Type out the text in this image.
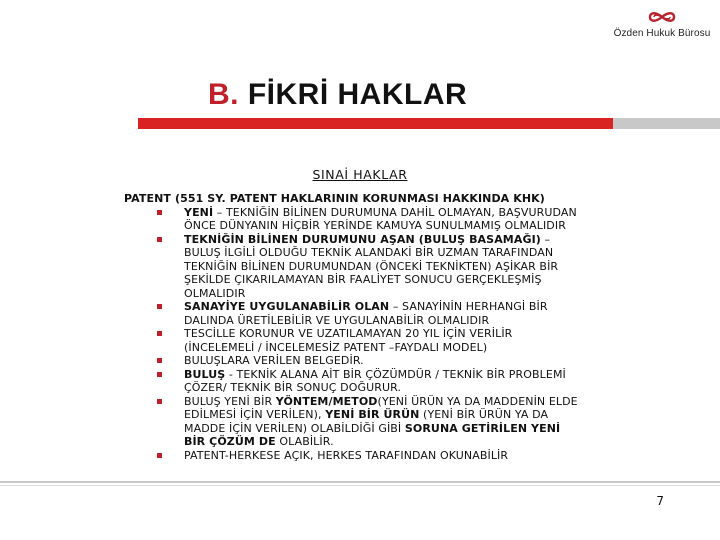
Özden Hukuk Bürosu
B. FİKRİ HAKLAR
SINAİ HAKLAR
PATENT (551 SY. PATENT HAKLARININ KORUNMASI HAKKINDA KHK)
YENİ – TEKNİĞİN BİLİNEN DURUMUNA DAHİL OLMAYAN, BAŞVURUDAN
ÖNCE DÜNYANIN HİÇBİR YERİNDE KAMUYA SUNULMAMIŞ OLMALIDIR
TEKNİĞİN BİLİNEN DURUMUNU AŞAN (BULUŞ BASAMAĞI) –
BULUŞ İLGİLİ OLDUĞU TEKNİK ALANDAKİ BİR UZMAN TARAFINDAN
TEKNİĞİN BİLİNEN DURUMUNDAN (ÖNCEKİ TEKNİKTEN) AŞİKAR BİR
ŞEKİLDE ÇIKARILAMAYAN BİR FAALİYET SONUCU GERÇEKLEŞMİŞ
OLMALIDIR
SANAYİYE UYGULANABİLİR OLAN – SANAYİNİN HERHANGİ BİR
DALINDA ÜRETİLEBİLİR VE UYGULANABİLİR OLMALIDIR
TESCİLLE KORUNUR VE UZATILAMAYAN 20 YIL İÇİN VERİLİR
(İNCELEMELİ / İNCELEMESİZ PATENT –FAYDALI MODEL)
BULUŞLARA VERİLEN BELGEDİR.
BULUŞ - TEKNİK ALANA AİT BİR ÇÖZÜMDÜR / TEKNİK BİR PROBLEMİ
ÇÖZER/ TEKNİK BİR SONUÇ DOĞURUR.
BULUŞ YENİ BİR YÖNTEM/METOD(YENİ ÜRÜN YA DA MADDENİN ELDE
EDİLMESİ İÇİN VERİLEN), YENİ BİR ÜRÜN (YENİ BİR ÜRÜN YA DA
MADDE İÇİN VERİLEN) OLABİLDİĞİ GİBİ SORUNA GETİRİLEN YENİ
BİR ÇÖZÜM DE OLABİLİR.
PATENT-HERKESE AÇIK, HERKES TARAFINDAN OKUNABİLİR
7
